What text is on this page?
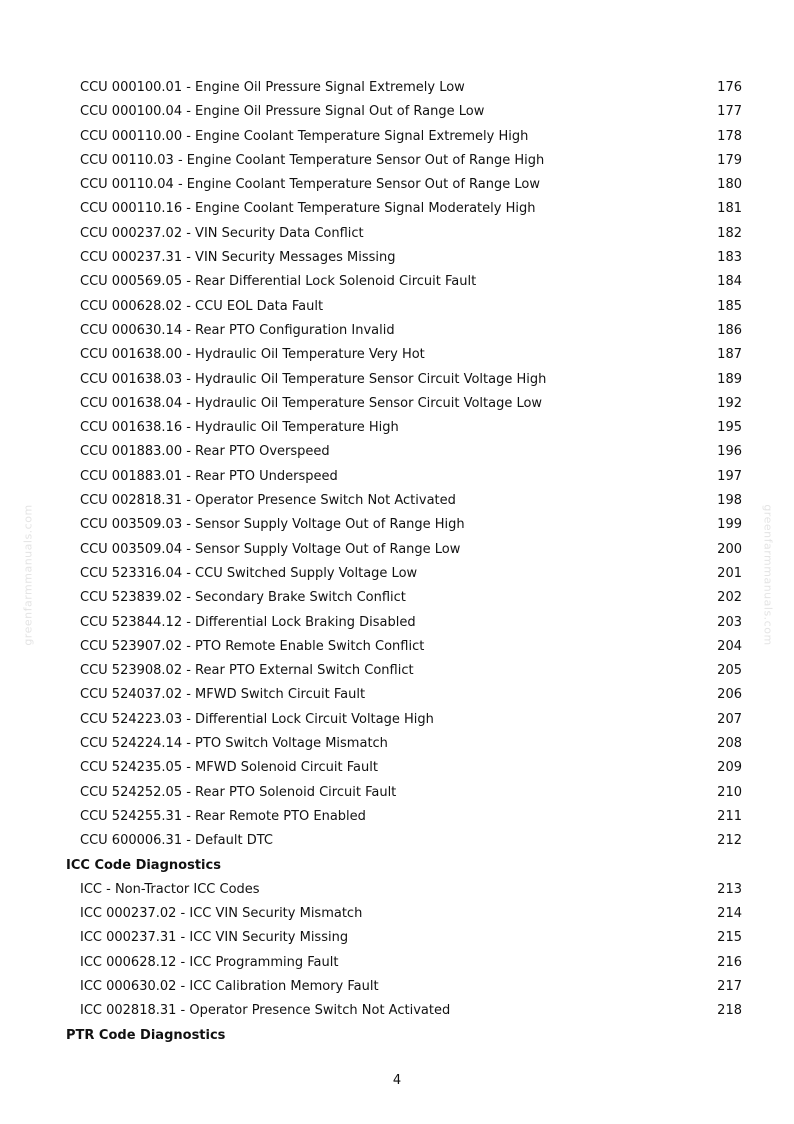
greenfarmmanuals.com	greenfarmmanuals.com
CCU 000100.01 - Engine Oil Pressure Signal Extremely Low	176
CCU 000100.04 - Engine Oil Pressure Signal Out of Range Low	177
CCU 000110.00 - Engine Coolant Temperature Signal Extremely High	178
CCU 00110.03 - Engine Coolant Temperature Sensor Out of Range High	179
CCU 00110.04 - Engine Coolant Temperature Sensor Out of Range Low	180
CCU 000110.16 - Engine Coolant Temperature Signal Moderately High	181
CCU 000237.02 - VIN Security Data Conflict	182
CCU 000237.31 - VIN Security Messages Missing	183
CCU 000569.05 - Rear Differential Lock Solenoid Circuit Fault	184
CCU 000628.02 - CCU EOL Data Fault	185
CCU 000630.14 - Rear PTO Configuration Invalid	186
CCU 001638.00 - Hydraulic Oil Temperature Very Hot	187
CCU 001638.03 - Hydraulic Oil Temperature Sensor Circuit Voltage High	189
CCU 001638.04 - Hydraulic Oil Temperature Sensor Circuit Voltage Low	192
CCU 001638.16 - Hydraulic Oil Temperature High	195
CCU 001883.00 - Rear PTO Overspeed	196
CCU 001883.01 - Rear PTO Underspeed	197
CCU 002818.31 - Operator Presence Switch Not Activated	198
CCU 003509.03 - Sensor Supply Voltage Out of Range High	199
CCU 003509.04 - Sensor Supply Voltage Out of Range Low	200
CCU 523316.04 - CCU Switched Supply Voltage Low	201
CCU 523839.02 - Secondary Brake Switch Conflict	202
CCU 523844.12 - Differential Lock Braking Disabled	203
CCU 523907.02 - PTO Remote Enable Switch Conflict	204
CCU 523908.02 - Rear PTO External Switch Conflict	205
CCU 524037.02 - MFWD Switch Circuit Fault	206
CCU 524223.03 - Differential Lock Circuit Voltage High	207
CCU 524224.14 - PTO Switch Voltage Mismatch	208
CCU 524235.05 - MFWD Solenoid Circuit Fault	209
CCU 524252.05 - Rear PTO Solenoid Circuit Fault	210
CCU 524255.31 - Rear Remote PTO Enabled	211
CCU 600006.31 - Default DTC	212
ICC Code Diagnostics
ICC - Non-Tractor ICC Codes	213
ICC 000237.02 - ICC VIN Security Mismatch	214
ICC 000237.31 - ICC VIN Security Missing	215
ICC 000628.12 - ICC Programming Fault	216
ICC 000630.02 - ICC Calibration Memory Fault	217
ICC 002818.31 - Operator Presence Switch Not Activated	218
PTR Code Diagnostics
4
